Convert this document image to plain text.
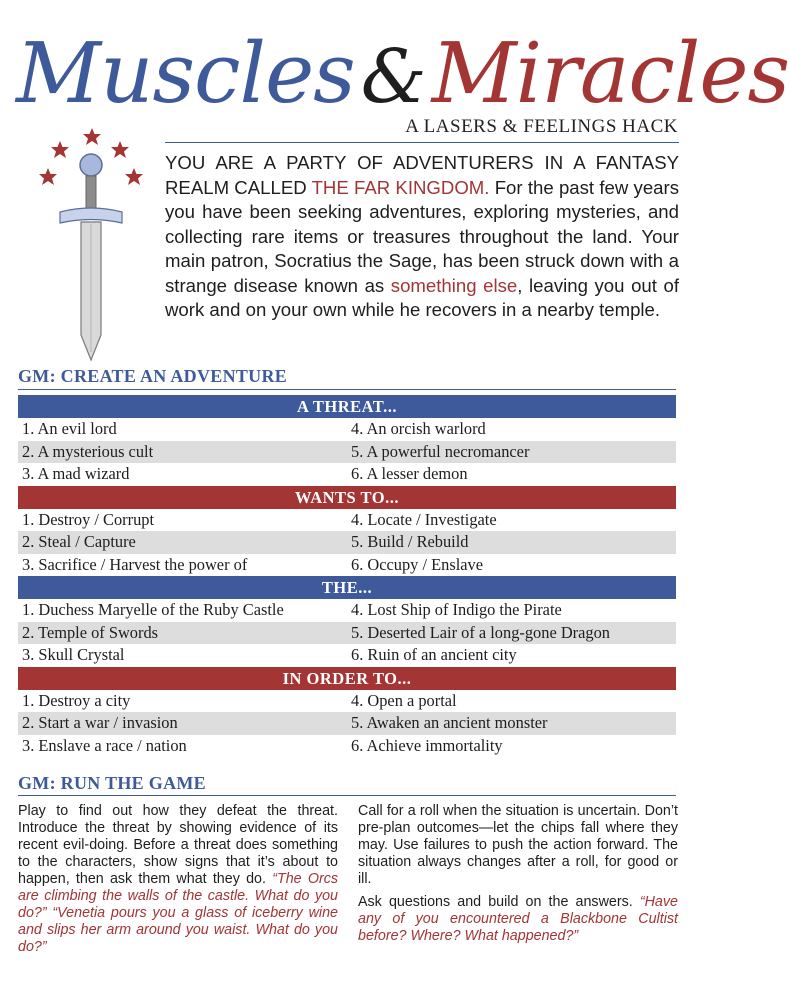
Muscles&Miracles
A LASERS & FEELINGS HACK
YOU ARE A PARTY OF ADVENTURERS IN A FANTASY REALM CALLED THE FAR KINGDOM. For the past few years you have been seeking adventures, exploring mysteries, and collecting rare items or treasures throughout the land. Your main patron, Socratius the Sage, has been struck down with a strange disease known as something else, leaving you out of work and on your own while he recovers in a nearby temple.
GM: CREATE AN ADVENTURE
A THREAT...
1. An evil lord	4. An orcish warlord
2. A mysterious cult	5. A powerful necromancer
3. A mad wizard	6. A lesser demon
WANTS TO...
1. Destroy / Corrupt	4. Locate / Investigate
2. Steal / Capture	5. Build / Rebuild
3. Sacrifice / Harvest the power of	6. Occupy / Enslave
THE...
1. Duchess Maryelle of the Ruby Castle	4. Lost Ship of Indigo the Pirate
2. Temple of Swords	5. Deserted Lair of a long-gone Dragon
3. Skull Crystal	6. Ruin of an ancient city
IN ORDER TO...
1. Destroy a city	4. Open a portal
2. Start a war / invasion	5. Awaken an ancient monster
3. Enslave a race / nation	6. Achieve immortality
GM: RUN THE GAME

Play to find out how they defeat the threat. Introduce the threat by showing evidence of its recent evil-doing. Before a threat does something to the characters, show signs that it’s about to happen, then ask them what they do. “The Orcs are climbing the walls of the castle. What do you do?” “Venetia pours you a glass of iceberry wine and slips her arm around you waist. What do you do?”

Call for a roll when the situation is uncertain. Don’t pre-plan outcomes—let the chips fall where they may. Use failures to push the action forward. The situation always changes after a roll, for good or ill.

Ask questions and build on the answers. “Have any of you encountered a Blackbone Cultist before? Where? What happened?”
